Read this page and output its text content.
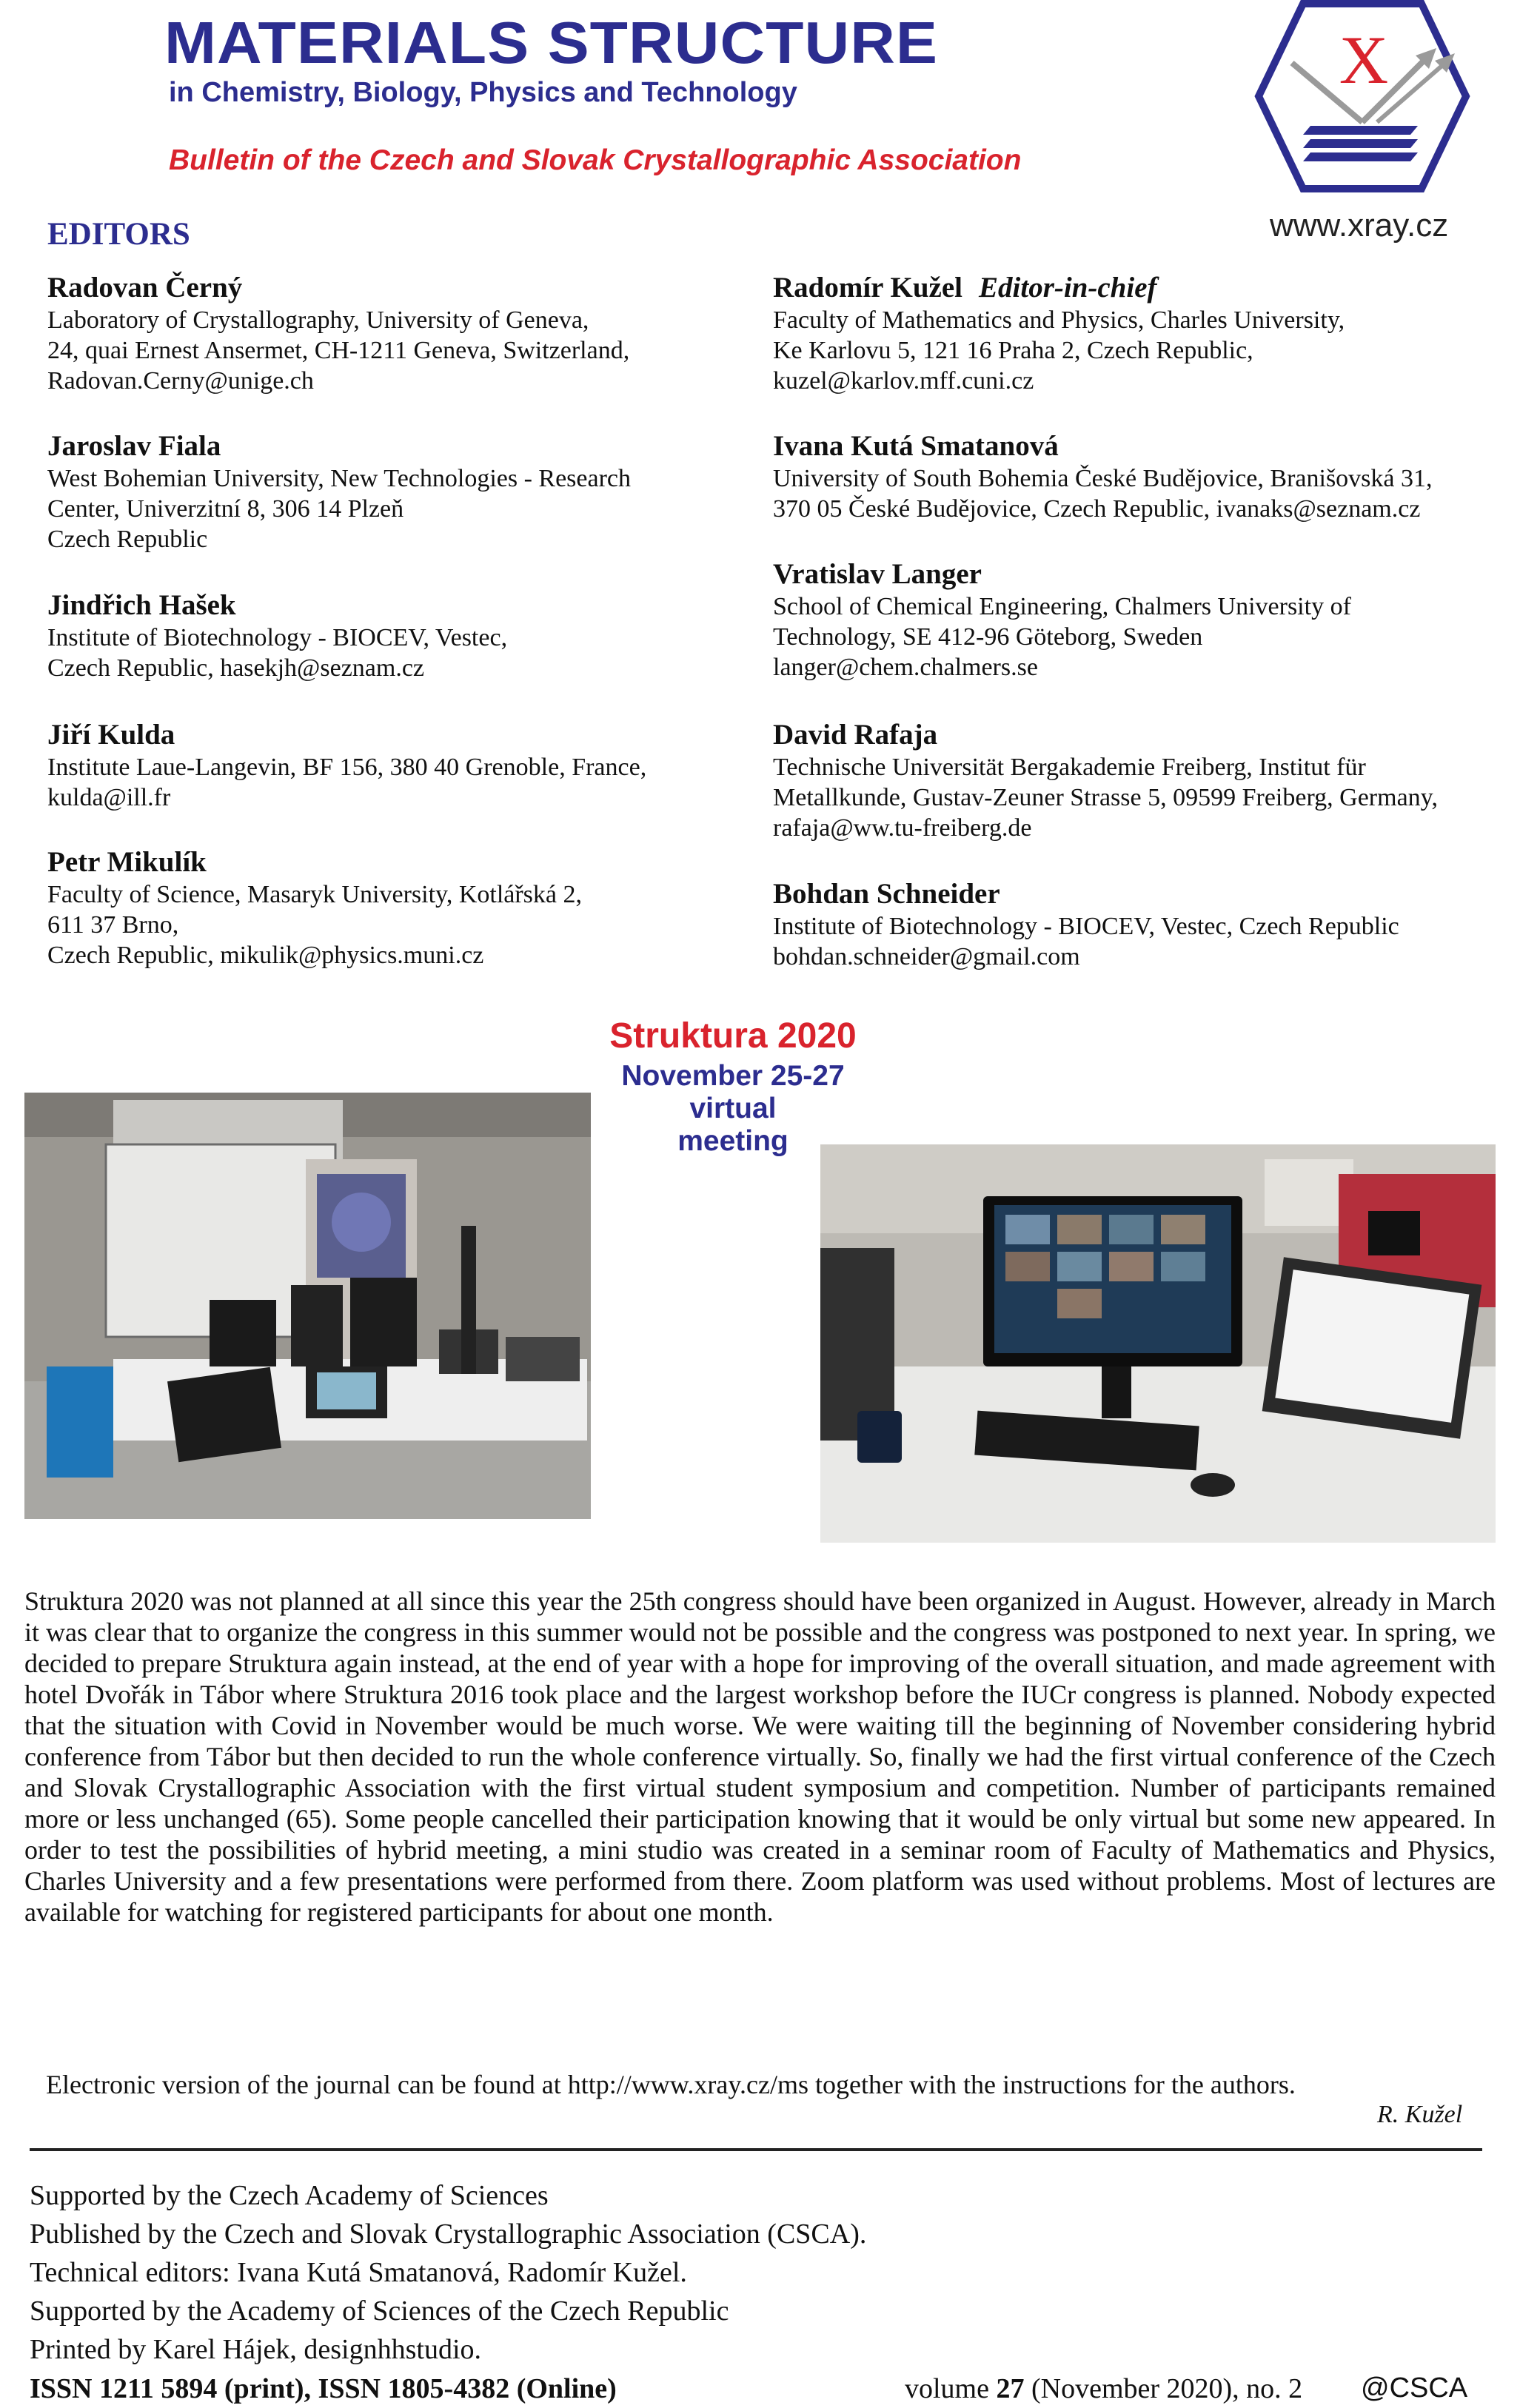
MATERIALS STRUCTURE
in Chemistry, Biology, Physics and Technology
Bulletin of the Czech and Slovak Crystallographic Association
X
www.xray.cz
EDITORS
Radovan Černý
Laboratory of Crystallography, University of Geneva,
24, quai Ernest Ansermet, CH-1211 Geneva, Switzerland,
Radovan.Cerny@unige.ch
Jaroslav Fiala
West Bohemian University, New Technologies - Research
Center, Univerzitní 8, 306 14 Plzeň
Czech Republic
Jindřich Hašek
Institute of Biotechnology - BIOCEV, Vestec,
Czech Republic, hasekjh@seznam.cz
Jiří Kulda
Institute Laue-Langevin, BF 156, 380 40 Grenoble, France,
kulda@ill.fr
Petr Mikulík
Faculty of Science, Masaryk University, Kotlářská 2,
611 37 Brno,
Czech Republic, mikulik@physics.muni.cz
Radomír Kužel Editor-in-chief
Faculty of Mathematics and Physics, Charles University,
Ke Karlovu 5, 121 16 Praha 2, Czech Republic,
kuzel@karlov.mff.cuni.cz
Ivana Kutá Smatanová
University of South Bohemia České Budějovice, Branišovská 31,
370 05 České Budějovice, Czech Republic, ivanaks@seznam.cz
Vratislav Langer
School of Chemical Engineering, Chalmers University of
Technology, SE 412-96 Göteborg, Sweden
langer@chem.chalmers.se
David Rafaja
Technische Universität Bergakademie Freiberg, Institut für
Metallkunde, Gustav-Zeuner Strasse 5, 09599 Freiberg, Germany,
rafaja@ww.tu-freiberg.de
Bohdan Schneider
Institute of Biotechnology - BIOCEV, Vestec, Czech Republic
bohdan.schneider@gmail.com
Struktura 2020
November 25-27
virtual
meeting
Struktura 2020 was not planned at all since this year the 25th congress should have been organized in August. However, already in March it was clear that to organize the congress in this summer would not be possible and the congress was postponed to next year. In spring, we decided to prepare Struktura again instead, at the end of year with a hope for improving of the overall situation, and made agreement with hotel Dvořák in Tábor where Struktura 2016 took place and the largest workshop before the IUCr congress is planned. Nobody expected that the situation with Covid in November would be much worse. We were waiting till the beginning of November considering hybrid conference from Tábor but then decided to run the whole conference virtually. So, finally we had the first virtual conference of the Czech and Slovak Crystallographic Association with the first virtual student symposium and competition. Number of participants remained more or less unchanged (65). Some people cancelled their participation knowing that it would be only virtual but some new appeared. In order to test the possibilities of hybrid meeting, a mini studio was created in a seminar room of Faculty of Mathematics and Physics, Charles University and a few presentations were performed from there. Zoom platform was used without problems. Most of lectures are available for watching for registered participants for about one month.
Electronic version of the journal can be found at http://www.xray.cz/ms together with the instructions for the authors.
R. Kužel
Supported by the Czech Academy of Sciences
Published by the Czech and Slovak Crystallographic Association (CSCA).
Technical editors: Ivana Kutá Smatanová, Radomír Kužel.
Supported by the Academy of Sciences of the Czech Republic
Printed by Karel Hájek, designhhstudio.
ISSN 1211 5894 (print), ISSN 1805-4382 (Online)	volume 27 (November 2020), no. 2 @CSCA
